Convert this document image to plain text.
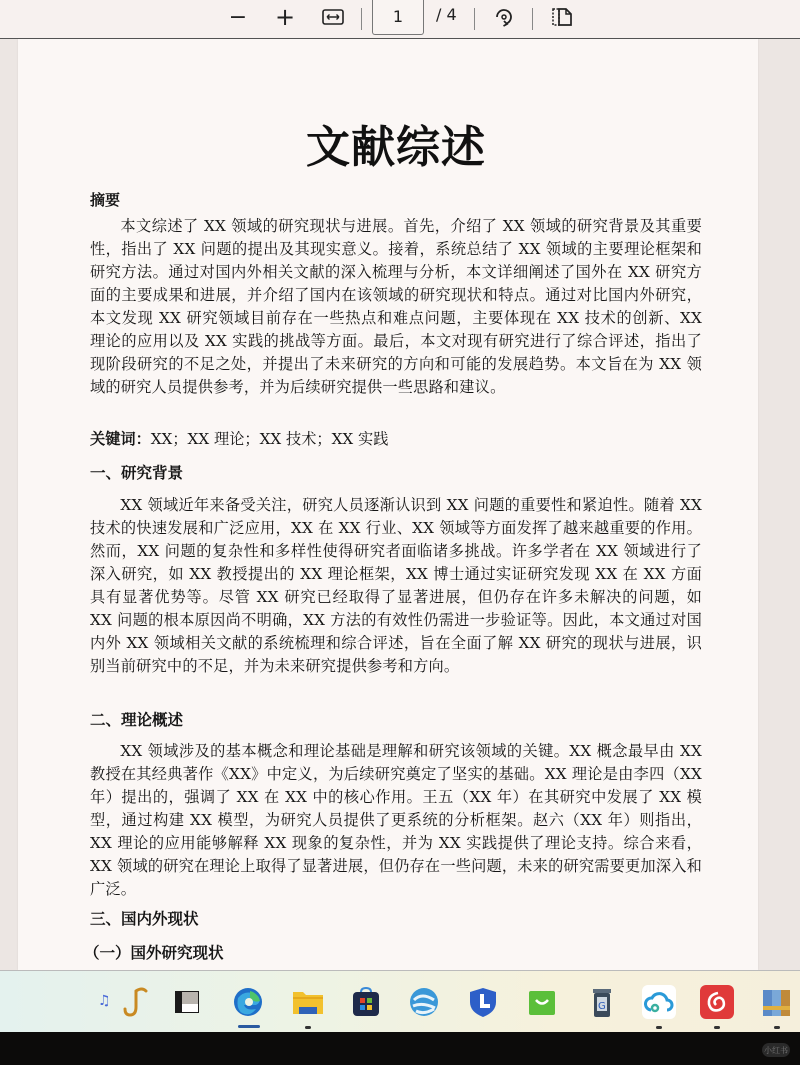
− +	1 / 4
文献综述
摘要
本文综述了 XX 领域的研究现状与进展。首先，介绍了 XX 领域的研究背景及其重要性，指出了 XX 问题的提出及其现实意义。接着，系统总结了 XX 领域的主要理论框架和研究方法。通过对国内外相关文献的深入梳理与分析，本文详细阐述了国外在 XX 研究方面的主要成果和进展，并介绍了国内在该领域的研究现状和特点。通过对比国内外研究，本文发现 XX 研究领域目前存在一些热点和难点问题，主要体现在 XX 技术的创新、XX 理论的应用以及 XX 实践的挑战等方面。最后，本文对现有研究进行了综合评述，指出了现阶段研究的不足之处，并提出了未来研究的方向和可能的发展趋势。本文旨在为 XX 领域的研究人员提供参考，并为后续研究提供一些思路和建议。
关键词：XX；XX 理论；XX 技术；XX 实践
一、研究背景
XX 领域近年来备受关注，研究人员逐渐认识到 XX 问题的重要性和紧迫性。随着 XX 技术的快速发展和广泛应用，XX 在 XX 行业、XX 领域等方面发挥了越来越重要的作用。然而，XX 问题的复杂性和多样性使得研究者面临诸多挑战。许多学者在 XX 领域进行了深入研究，如 XX 教授提出的 XX 理论框架，XX 博士通过实证研究发现 XX 在 XX 方面具有显著优势等。尽管 XX 研究已经取得了显著进展，但仍存在许多未解决的问题，如 XX 问题的根本原因尚不明确，XX 方法的有效性仍需进一步验证等。因此，本文通过对国内外 XX 领域相关文献的系统梳理和综合评述，旨在全面了解 XX 研究的现状与进展，识别当前研究中的不足，并为未来研究提供参考和方向。
二、理论概述
XX 领域涉及的基本概念和理论基础是理解和研究该领域的关键。XX 概念最早由 XX 教授在其经典著作《XX》中定义，为后续研究奠定了坚实的基础。XX 理论是由李四（XX 年）提出的，强调了 XX 在 XX 中的核心作用。王五（XX 年）在其研究中发展了 XX 模型，通过构建 XX 模型，为研究人员提供了更系统的分析框架。赵六（XX 年）则指出，XX 理论的应用能够解释 XX 现象的复杂性，并为 XX 实践提供了理论支持。综合来看，XX 领域的研究在理论上取得了显著进展，但仍存在一些问题，未来的研究需要更加深入和广泛。
三、国内外现状
（一）国外研究现状
♫	G
小红书
